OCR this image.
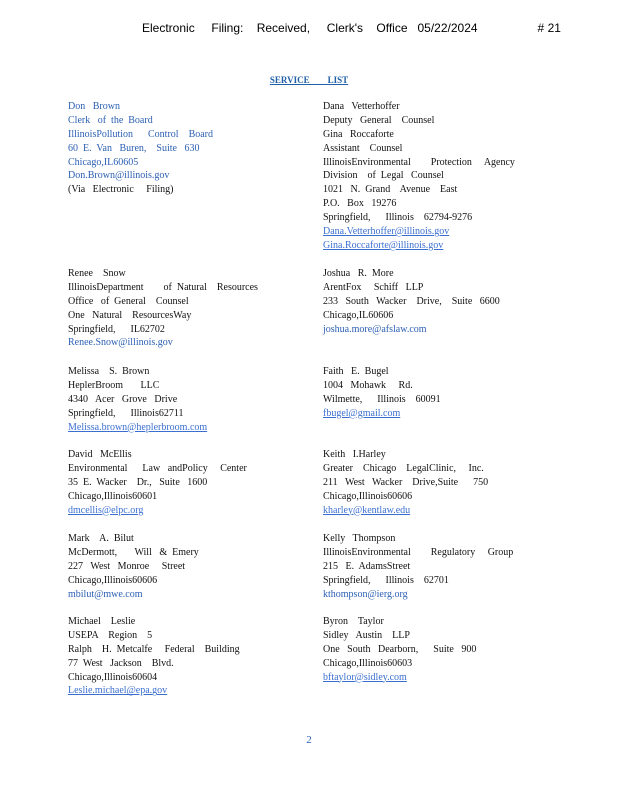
Electronic     Filing:    Received,     Clerk's    Office   05/22/2024                  # 21
SERVICE        LIST
Don   Brown
Clerk   of  the  Board
IllinoisPollution      Control    Board
60  E.  Van   Buren,    Suite   630
Chicago,IL60605
Don.Brown@illinois.gov
(Via   Electronic     Filing)
Dana   Vetterhoffer
Deputy   General    Counsel
Gina   Roccaforte
Assistant    Counsel
IllinoisEnvironmental        Protection     Agency
Division    of  Legal   Counsel
1021   N.  Grand    Avenue    East
P.O.   Box   19276
Springfield,      Illinois    62794-9276
Dana.Vetterhoffer@illinois.gov
Gina.Roccaforte@illinois.gov
Renee    Snow
IllinoisDepartment        of  Natural    Resources
Office   of  General    Counsel
One   Natural    ResourcesWay
Springfield,      IL62702
Renee.Snow@illinois.gov
Joshua   R.  More
ArentFox     Schiff   LLP
233   South   Wacker    Drive,    Suite   6600
Chicago,IL60606
joshua.more@afslaw.com
Melissa    S.  Brown
HeplerBroom       LLC
4340   Acer   Grove   Drive
Springfield,      Illinois62711
Melissa.brown@heplerbroom.com
Faith   E.  Bugel
1004   Mohawk     Rd.
Wilmette,      Illinois    60091
fbugel@gmail.com
David   McEllis
Environmental      Law   andPolicy     Center
35  E.  Wacker    Dr.,   Suite   1600
Chicago,Illinois60601
dmcellis@elpc.org
Keith   I.Harley
Greater    Chicago    LegalClinic,     Inc.
211   West   Wacker    Drive,Suite      750
Chicago,Illinois60606
kharley@kentlaw.edu
Mark    A.  Bilut
McDermott,       Will   &  Emery
227   West   Monroe     Street
Chicago,Illinois60606
mbilut@mwe.com
Kelly   Thompson
IllinoisEnvironmental        Regulatory     Group
215   E.  AdamsStreet
Springfield,      Illinois    62701
kthompson@ierg.org
Michael    Leslie
USEPA    Region    5
Ralph    H.  Metcalfe     Federal    Building
77  West   Jackson    Blvd.
Chicago,Illinois60604
Leslie.michael@epa.gov
Byron    Taylor
Sidley   Austin    LLP
One   South   Dearborn,      Suite   900
Chicago,Illinois60603
bftaylor@sidley.com
2
